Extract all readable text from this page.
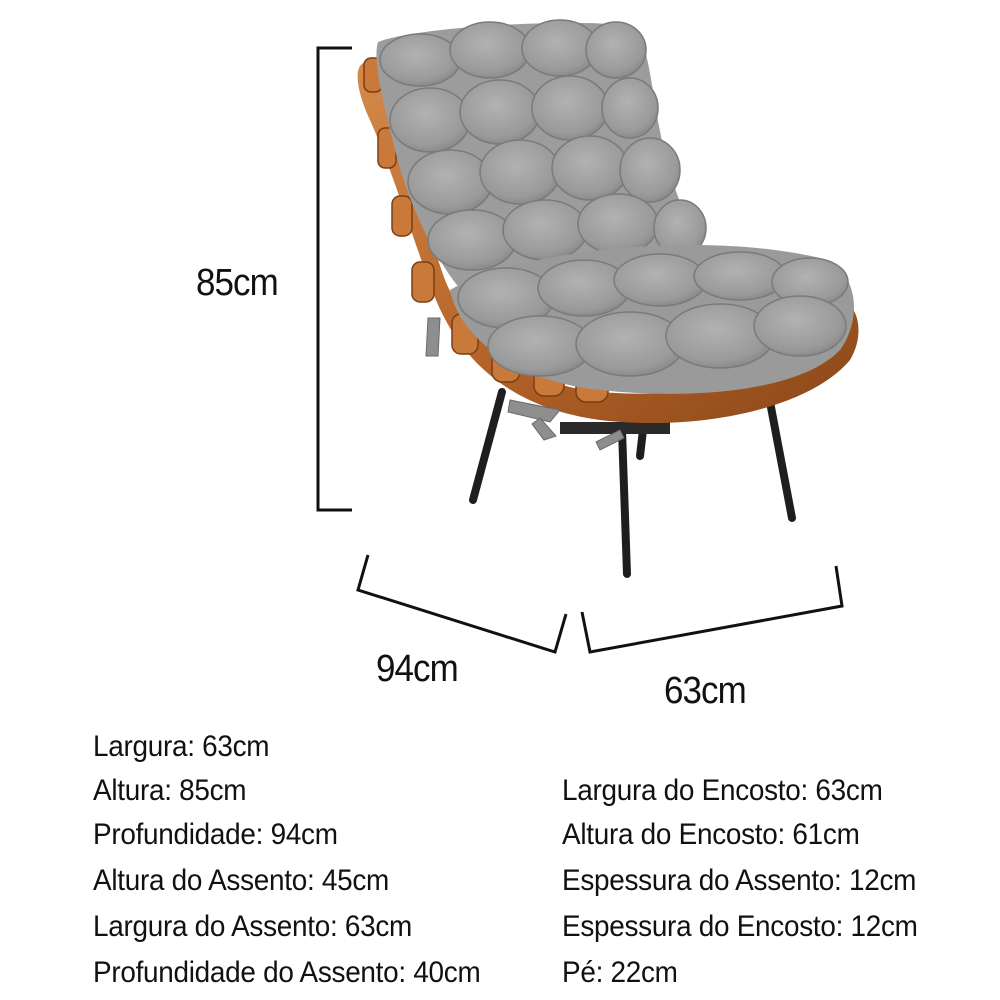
85cm
94cm
63cm
Largura: 63cm
Altura: 85cm
Profundidade: 94cm
Altura do Assento: 45cm
Largura do Assento: 63cm
Profundidade do Assento: 40cm
Largura do Encosto: 63cm
Altura do Encosto: 61cm
Espessura do Assento: 12cm
Espessura do Encosto: 12cm
Pé: 22cm
